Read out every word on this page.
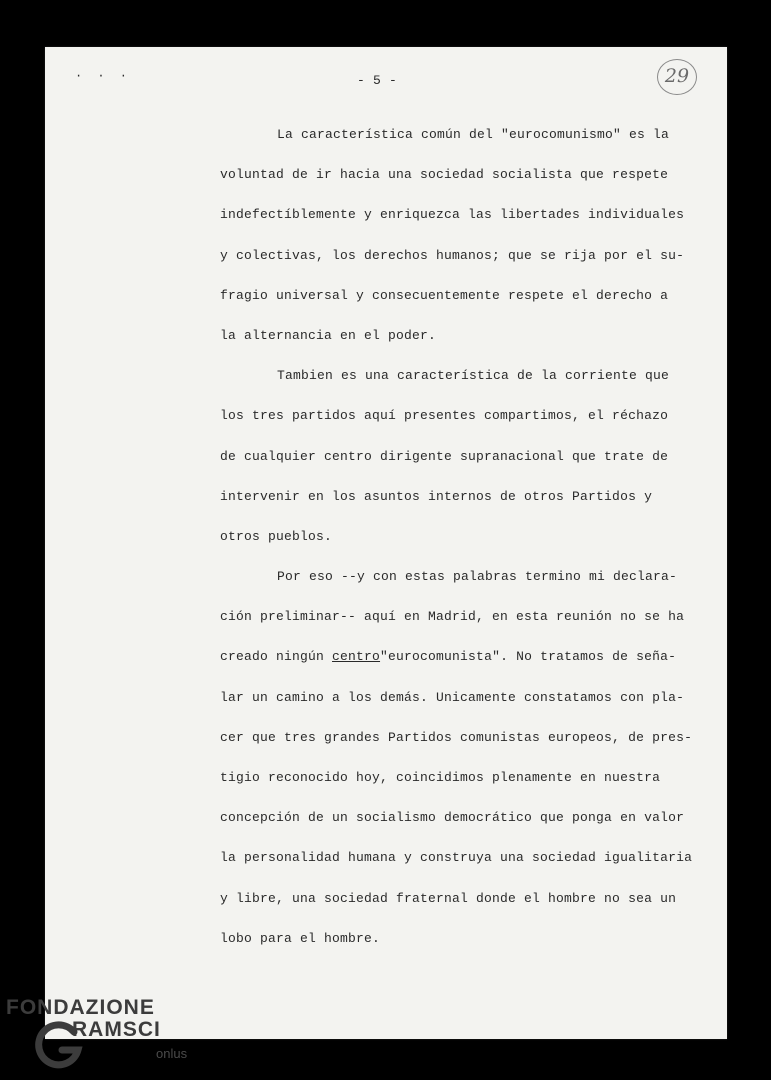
· · ·	- 5 -	29
La característica común del "eurocomunismo" es la
voluntad de ir hacia una sociedad socialista que respete
indefectíblemente y enriquezca las libertades individuales
y colectivas, los derechos humanos; que se rija por el su-
fragio universal y consecuentemente respete el derecho a
la alternancia en el poder.
Tambien es una característica de la corriente que
los tres partidos aquí presentes compartimos, el réchazo
de cualquier centro dirigente supranacional que trate de
intervenir en los asuntos internos de otros Partidos y
otros pueblos.
Por eso --y con estas palabras termino mi declara-
ción preliminar-- aquí en Madrid, en esta reunión no se ha
creado ningún centro"eurocomunista". No tratamos de seña-
lar un camino a los demás. Unicamente constatamos con pla-
cer que tres grandes Partidos comunistas europeos, de pres-
tigio reconocido hoy, coincidimos plenamente en nuestra
concepción de un socialismo democrático que ponga en valor
la personalidad humana y construya una sociedad igualitaria
y libre, una sociedad fraternal donde el hombre no sea un
lobo para el hombre.
FONDAZIONE
RAMSCI
onlus
